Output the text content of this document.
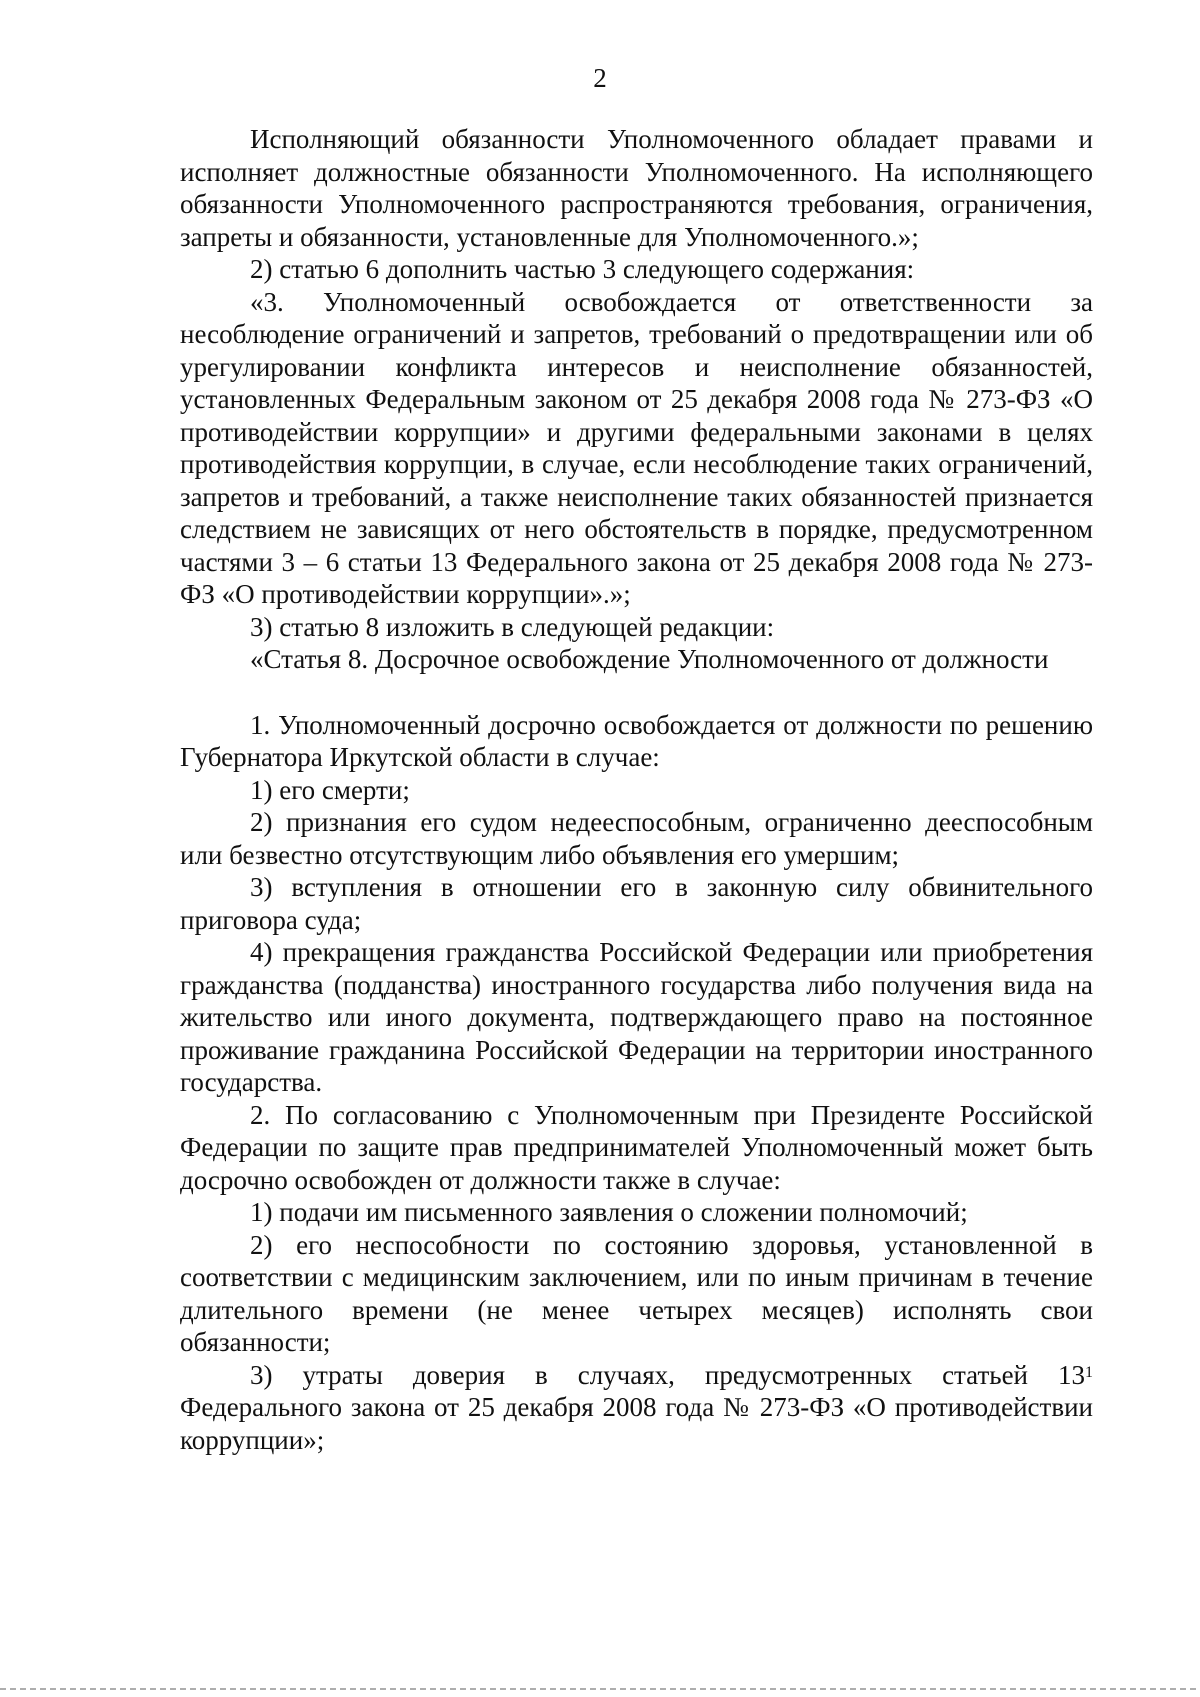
2

Исполняющий обязанности Уполномоченного обладает правами и исполняет должностные обязанности Уполномоченного. На исполняющего обязанности Уполномоченного распространяются требования, ограничения, запреты и обязанности, установленные для Уполномоченного.»;

2) статью 6 дополнить частью 3 следующего содержания:

«3. Уполномоченный освобождается от ответственности за несоблюдение ограничений и запретов, требований о предотвращении или об урегулировании конфликта интересов и неисполнение обязанностей, установленных Федеральным законом от 25 декабря 2008 года № 273-ФЗ «О противодействии коррупции» и другими федеральными законами в целях противодействия коррупции, в случае, если несоблюдение таких ограничений, запретов и требований, а также неисполнение таких обязанностей признается следствием не зависящих от него обстоятельств в порядке, предусмотренном частями 3 – 6 статьи 13 Федерального закона от 25 декабря 2008 года № 273-ФЗ «О противодействии коррупции».»;

3) статью 8 изложить в следующей редакции:

«Статья 8. Досрочное освобождение Уполномоченного от должности

1. Уполномоченный досрочно освобождается от должности по решению Губернатора Иркутской области в случае:

1) его смерти;

2) признания его судом недееспособным, ограниченно дееспособным или безвестно отсутствующим либо объявления его умершим;

3) вступления в отношении его в законную силу обвинительного приговора суда;

4) прекращения гражданства Российской Федерации или приобретения гражданства (подданства) иностранного государства либо получения вида на жительство или иного документа, подтверждающего право на постоянное проживание гражданина Российской Федерации на территории иностранного государства.

2. По согласованию с Уполномоченным при Президенте Российской Федерации по защите прав предпринимателей Уполномоченный может быть досрочно освобожден от должности также в случае:

1) подачи им письменного заявления о сложении полномочий;

2) его неспособности по состоянию здоровья, установленной в соответствии с медицинским заключением, или по иным причинам в течение длительного времени (не менее четырех месяцев) исполнять свои обязанности;

3) утраты доверия в случаях, предусмотренных статьей $13^1$ Федерального закона от 25 декабря 2008 года № 273-ФЗ «О противодействии коррупции»;
